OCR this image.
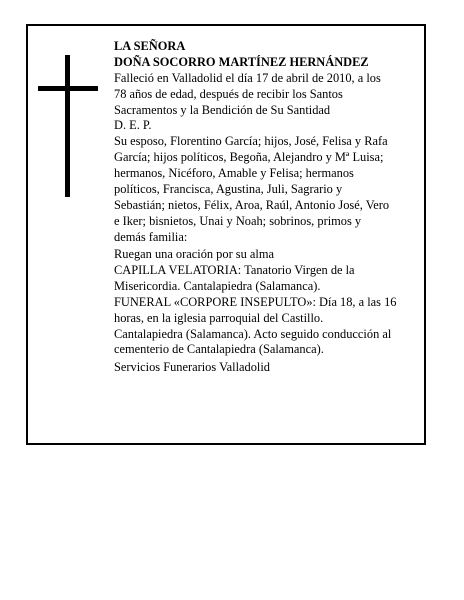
LA SEÑORA
DOÑA SOCORRO MARTÍNEZ HERNÁNDEZ
Falleció en Valladolid el día 17 de abril de 2010, a los
78 años de edad, después de recibir los Santos
Sacramentos y la Bendición de Su Santidad
D. E. P.
Su esposo, Florentino García; hijos, José, Felisa y Rafa
García; hijos políticos, Begoña, Alejandro y Mª Luisa;
hermanos, Nicéforo, Amable y Felisa; hermanos
políticos, Francisca, Agustina, Juli, Sagrario y
Sebastián; nietos, Félix, Aroa, Raúl, Antonio José, Vero
e Iker; bisnietos, Unai y Noah; sobrinos, primos y
demás familia:
Ruegan una oración por su alma
CAPILLA VELATORIA: Tanatorio Virgen de la
Misericordia. Cantalapiedra (Salamanca).
FUNERAL «CORPORE INSEPULTO»: Día 18, a las 16
horas, en la iglesia parroquial del Castillo.
Cantalapiedra (Salamanca). Acto seguido conducción al
cementerio de Cantalapiedra (Salamanca).
Servicios Funerarios Valladolid
